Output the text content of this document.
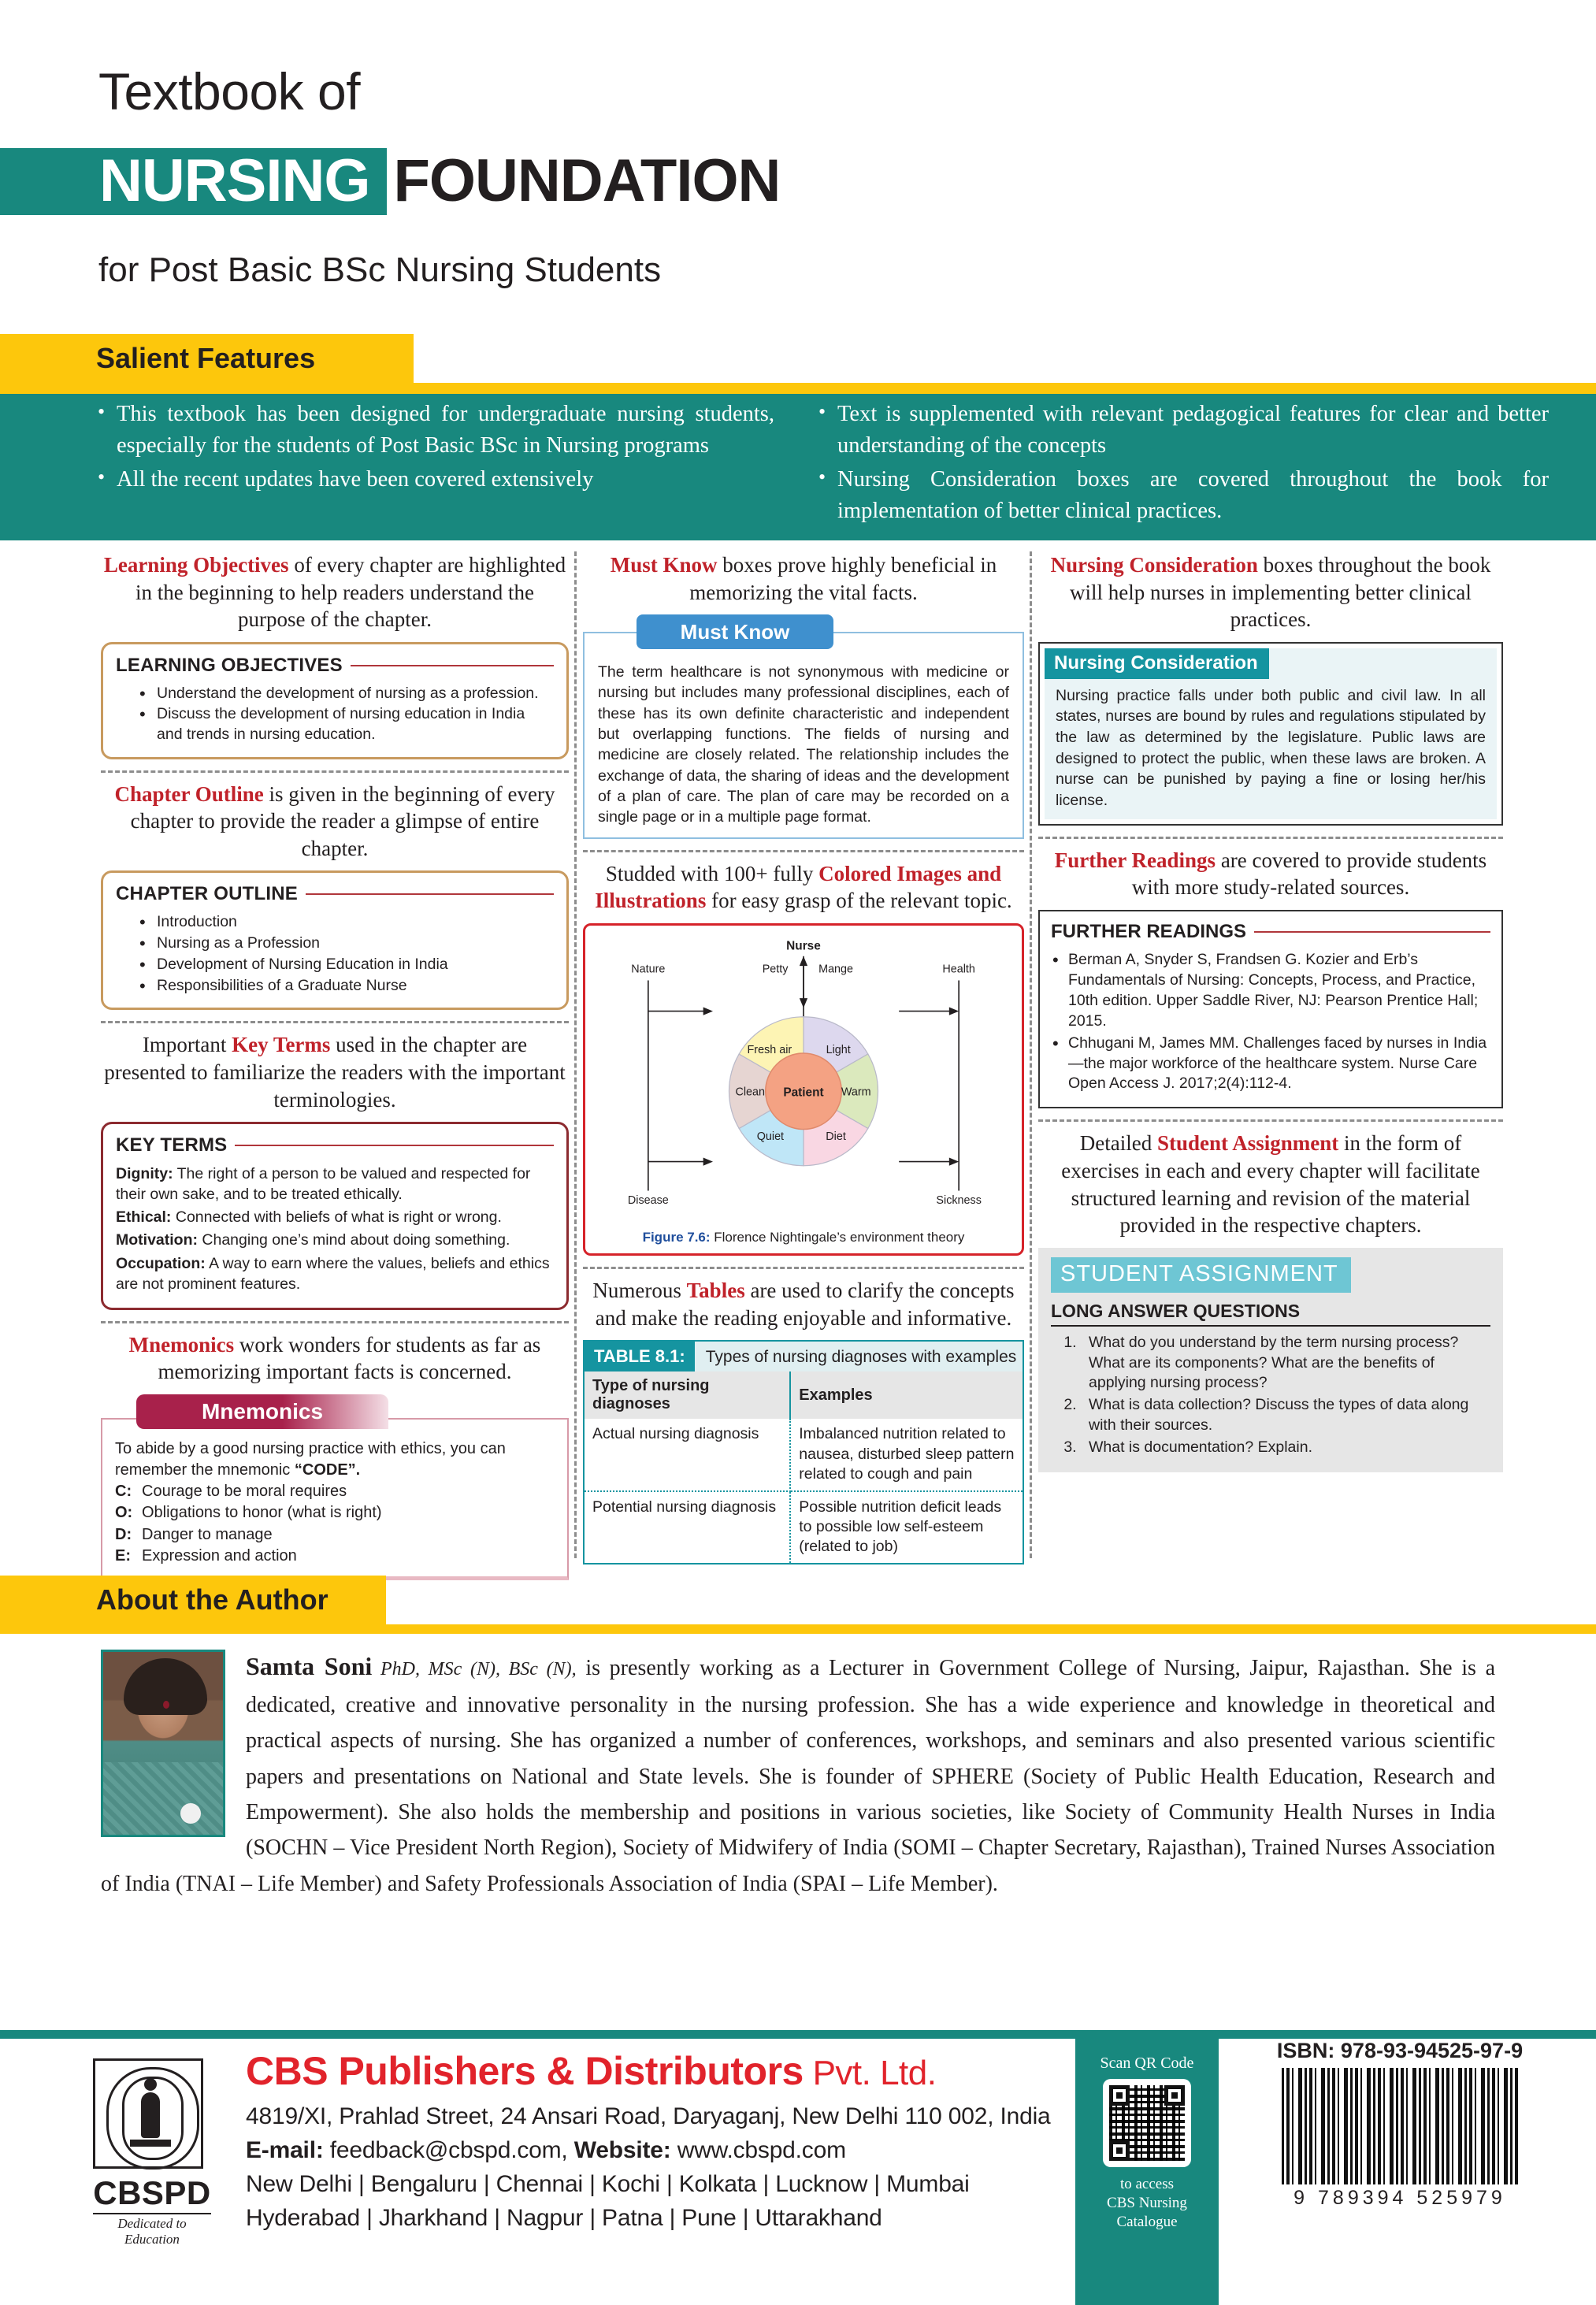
Textbook of
NURSING FOUNDATION
for Post Basic BSc Nursing Students
Salient Features
• This textbook has been designed for undergraduate nursing students, especially for the students of Post Basic BSc in Nursing programs
• All the recent updates have been covered extensively
• Text is supplemented with relevant pedagogical features for clear and better understanding of the concepts
• Nursing Consideration boxes are covered throughout the book for implementation of better clinical practices.
Learning Objectives of every chapter are highlighted in the beginning to help readers understand the purpose of the chapter.
LEARNING OBJECTIVES
• Understand the development of nursing as a profession.
• Discuss the development of nursing education in India and trends in nursing education.
Chapter Outline is given in the beginning of every chapter to provide the reader a glimpse of entire chapter.
CHAPTER OUTLINE
• Introduction
• Nursing as a Profession
• Development of Nursing Education in India
• Responsibilities of a Graduate Nurse
Important Key Terms used in the chapter are presented to familiarize the readers with the important terminologies.
KEY TERMS
Dignity: The right of a person to be valued and respected for their own sake, and to be treated ethically.
Ethical: Connected with beliefs of what is right or wrong.
Motivation: Changing one’s mind about doing something.
Occupation: A way to earn where the values, beliefs and ethics are not prominent features.
Mnemonics work wonders for students as far as memorizing important facts is concerned.
Mnemonics
To abide by a good nursing practice with ethics, you can remember the mnemonic “CODE”.
C: Courage to be moral requires
O: Obligations to honor (what is right)
D: Danger to manage
E: Expression and action
Must Know boxes prove highly beneficial in memorizing the vital facts.
Must Know
The term healthcare is not synonymous with medicine or nursing but includes many professional disciplines, each of these has its own definite characteristic and independent but overlapping functions. The fields of nursing and medicine are closely related. The relationship includes the exchange of data, the sharing of ideas and the development of a plan of care. The plan of care may be recorded on a single page or in a multiple page format.
Studded with 100+ fully Colored Images and Illustrations for easy grasp of the relevant topic.
Nurse
Petty	Mange
Nature
Disease
Health
Sickness
Patient
Light
Warm
Diet
Quiet
Clean
Fresh air
Figure 7.6: Florence Nightingale’s environment theory
Numerous Tables are used to clarify the concepts and make the reading enjoyable and informative.
TABLE 8.1: Types of nursing diagnoses with examples	
Type of nursing diagnoses	Examples
Actual nursing diagnosis	Imbalanced nutrition related to nausea, disturbed sleep pattern related to cough and pain
Potential nursing diagnosis	Possible nutrition deficit leads to possible low self-esteem (related to job)
Nursing Consideration boxes throughout the book will help nurses in implementing better clinical practices.
Nursing Consideration
Nursing practice falls under both public and civil law. In all states, nurses are bound by rules and regulations stipulated by the law as determined by the legislature. Public laws are designed to protect the public, when these laws are broken. A nurse can be punished by paying a fine or losing her/his license.
Further Readings are covered to provide students with more study-related sources.
FURTHER READINGS
• Berman A, Snyder S, Frandsen G. Kozier and Erb’s Fundamentals of Nursing: Concepts, Process, and Practice, 10th edition. Upper Saddle River, NJ: Pearson Prentice Hall; 2015.
• Chhugani M, James MM. Challenges faced by nurses in India—the major workforce of the healthcare system. Nurse Care Open Access J. 2017;2(4):112-4.
Detailed Student Assignment in the form of exercises in each and every chapter will facilitate structured learning and revision of the material provided in the respective chapters.
STUDENT ASSIGNMENT
LONG ANSWER QUESTIONS
1. What do you understand by the term nursing process? What are its components? What are the benefits of applying nursing process?
2. What is data collection? Discuss the types of data along with their sources.
3. What is documentation? Explain.
About the Author
Samta Soni PhD, MSc (N), BSc (N), is presently working as a Lecturer in Government College of Nursing, Jaipur, Rajasthan. She is a dedicated, creative and innovative personality in the nursing profession. She has a wide experience and knowledge in theoretical and practical aspects of nursing. She has organized a number of conferences, workshops, and seminars and also presented various scientific papers and presentations on National and State levels. She is founder of SPHERE (Society of Public Health Education, Research and Empowerment). She also holds the membership and positions in various societies, like Society of Community Health Nurses in India (SOCHN – Vice President North Region), Society of Midwifery of India (SOMI – Chapter Secretary, Rajasthan), Trained Nurses Association of India (TNAI – Life Member) and Safety Professionals Association of India (SPAI – Life Member).
CBSPD
Dedicated to Education
CBS Publishers & Distributors Pvt. Ltd.
4819/XI, Prahlad Street, 24 Ansari Road, Daryaganj, New Delhi 110 002, India
E-mail: feedback@cbspd.com, Website: www.cbspd.com
New Delhi | Bengaluru | Chennai | Kochi | Kolkata | Lucknow | Mumbai
Hyderabad | Jharkhand | Nagpur | Patna | Pune | Uttarakhand
Scan QR Code
to access
CBS Nursing Catalogue
ISBN: 978-93-94525-97-9
9 789394 525979
